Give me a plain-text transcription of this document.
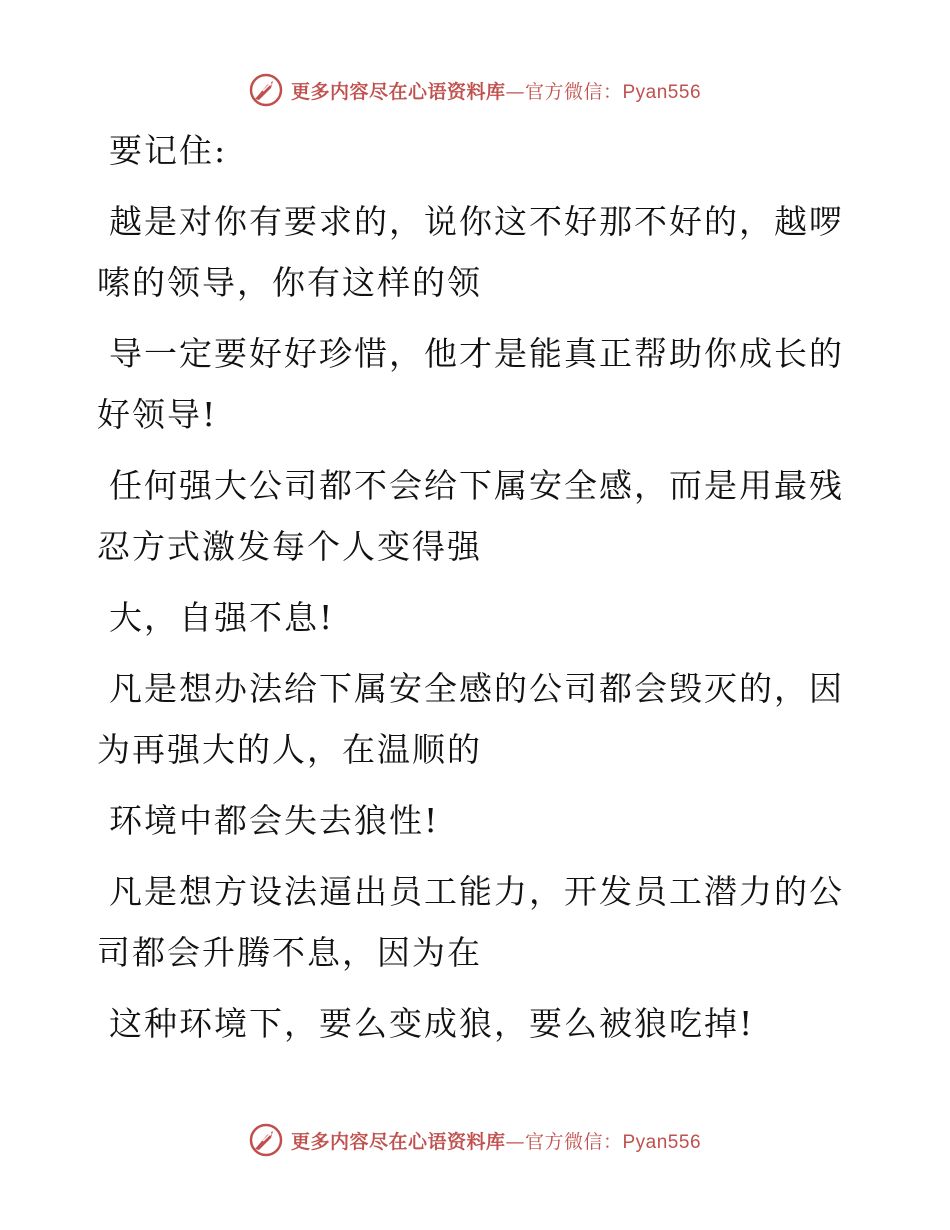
更多内容尽在心语资料库—官方微信：Pyan556

要记住:

越是对你有要求的，说你这不好那不好的，越啰
嗦的领导，你有这样的领

导一定要好好珍惜，他才是能真正帮助你成长的
好领导!

任何强大公司都不会给下属安全感，而是用最残
忍方式激发每个人变得强

大，自强不息!

凡是想办法给下属安全感的公司都会毁灭的，因
为再强大的人，在温顺的

环境中都会失去狼性!

凡是想方设法逼出员工能力，开发员工潜力的公
司都会升腾不息，因为在

这种环境下，要么变成狼，要么被狼吃掉!

更多内容尽在心语资料库—官方微信：Pyan556
